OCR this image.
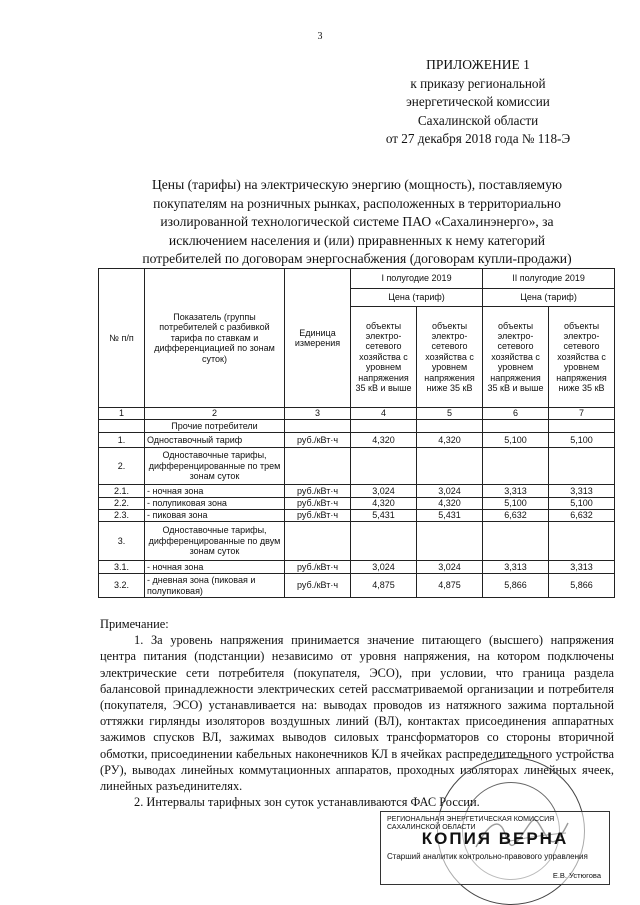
3
ПРИЛОЖЕНИЕ 1
к приказу региональной
энергетической комиссии
Сахалинской области
от 27 декабря 2018 года № 118-Э
Цены (тарифы) на электрическую энергию (мощность), поставляемую
покупателям на розничных рынках, расположенных в территориально
изолированной технологической системе ПАО «Сахалинэнерго», за
исключением населения и (или) приравненных к нему категорий
потребителей по договорам энергоснабжения (договорам купли-продажи)
№ п/п	Показатель (группы потребителей с разбивкой тарифа по ставкам и дифференциацией по зонам суток)	Единица измерения	I полугодие 2019		II полугодие 2019	
			Цена (тариф)		Цена (тариф)	
			объекты электро-сетевого хозяйства с уровнем напряжения 35 кВ и выше	объекты электро-сетевого хозяйства с уровнем напряжения ниже 35 кВ	объекты электро-сетевого хозяйства с уровнем напряжения 35 кВ и выше	объекты электро-сетевого хозяйства с уровнем напряжения ниже 35 кВ
1	2	3	4	5	6	7
	Прочие потребители					
1.	Одноставочный тариф	руб./кВт·ч	4,320	4,320	5,100	5,100
2.	Одноставочные тарифы, дифференцированные по трем зонам суток					
2.1.	- ночная зона	руб./кВт·ч	3,024	3,024	3,313	3,313
2.2.	- полупиковая зона	руб./кВт·ч	4,320	4,320	5,100	5,100
2.3.	- пиковая зона	руб./кВт·ч	5,431	5,431	6,632	6,632
3.	Одноставочные тарифы, дифференцированные по двум зонам суток					
3.1.	- ночная зона	руб./кВт·ч	3,024	3,024	3,313	3,313
3.2.	- дневная зона (пиковая и полупиковая)	руб./кВт·ч	4,875	4,875	5,866	5,866

Примечание:

1. За уровень напряжения принимается значение питающего (высшего) напряжения центра питания (подстанции) независимо от уровня напряжения, на котором подключены электрические сети потребителя (покупателя, ЭСО), при условии, что граница раздела балансовой принадлежности электрических сетей рассматриваемой организации и потребителя (покупателя, ЭСО) устанавливается на: выводах проводов из натяжного зажима портальной оттяжки гирлянды изоляторов воздушных линий (ВЛ), контактах присоединения аппаратных зажимов спусков ВЛ, зажимах выводов силовых трансформаторов со стороны вторичной обмотки, присоединении кабельных наконечников КЛ в ячейках распределительного устройства (РУ), выводах линейных коммутационных аппаратов, проходных изоляторах линейных ячеек, линейных разъединителях.

2. Интервалы тарифных зон суток устанавливаются ФАС России.

РЕГИОНАЛЬНАЯ ЭНЕРГЕТИЧЕСКАЯ КОМИССИЯ САХАЛИНСКОЙ ОБЛАСТИ
КОПИЯ ВЕРНА
Старший аналитик контрольно-правового управления
Е.В. Устюгова
